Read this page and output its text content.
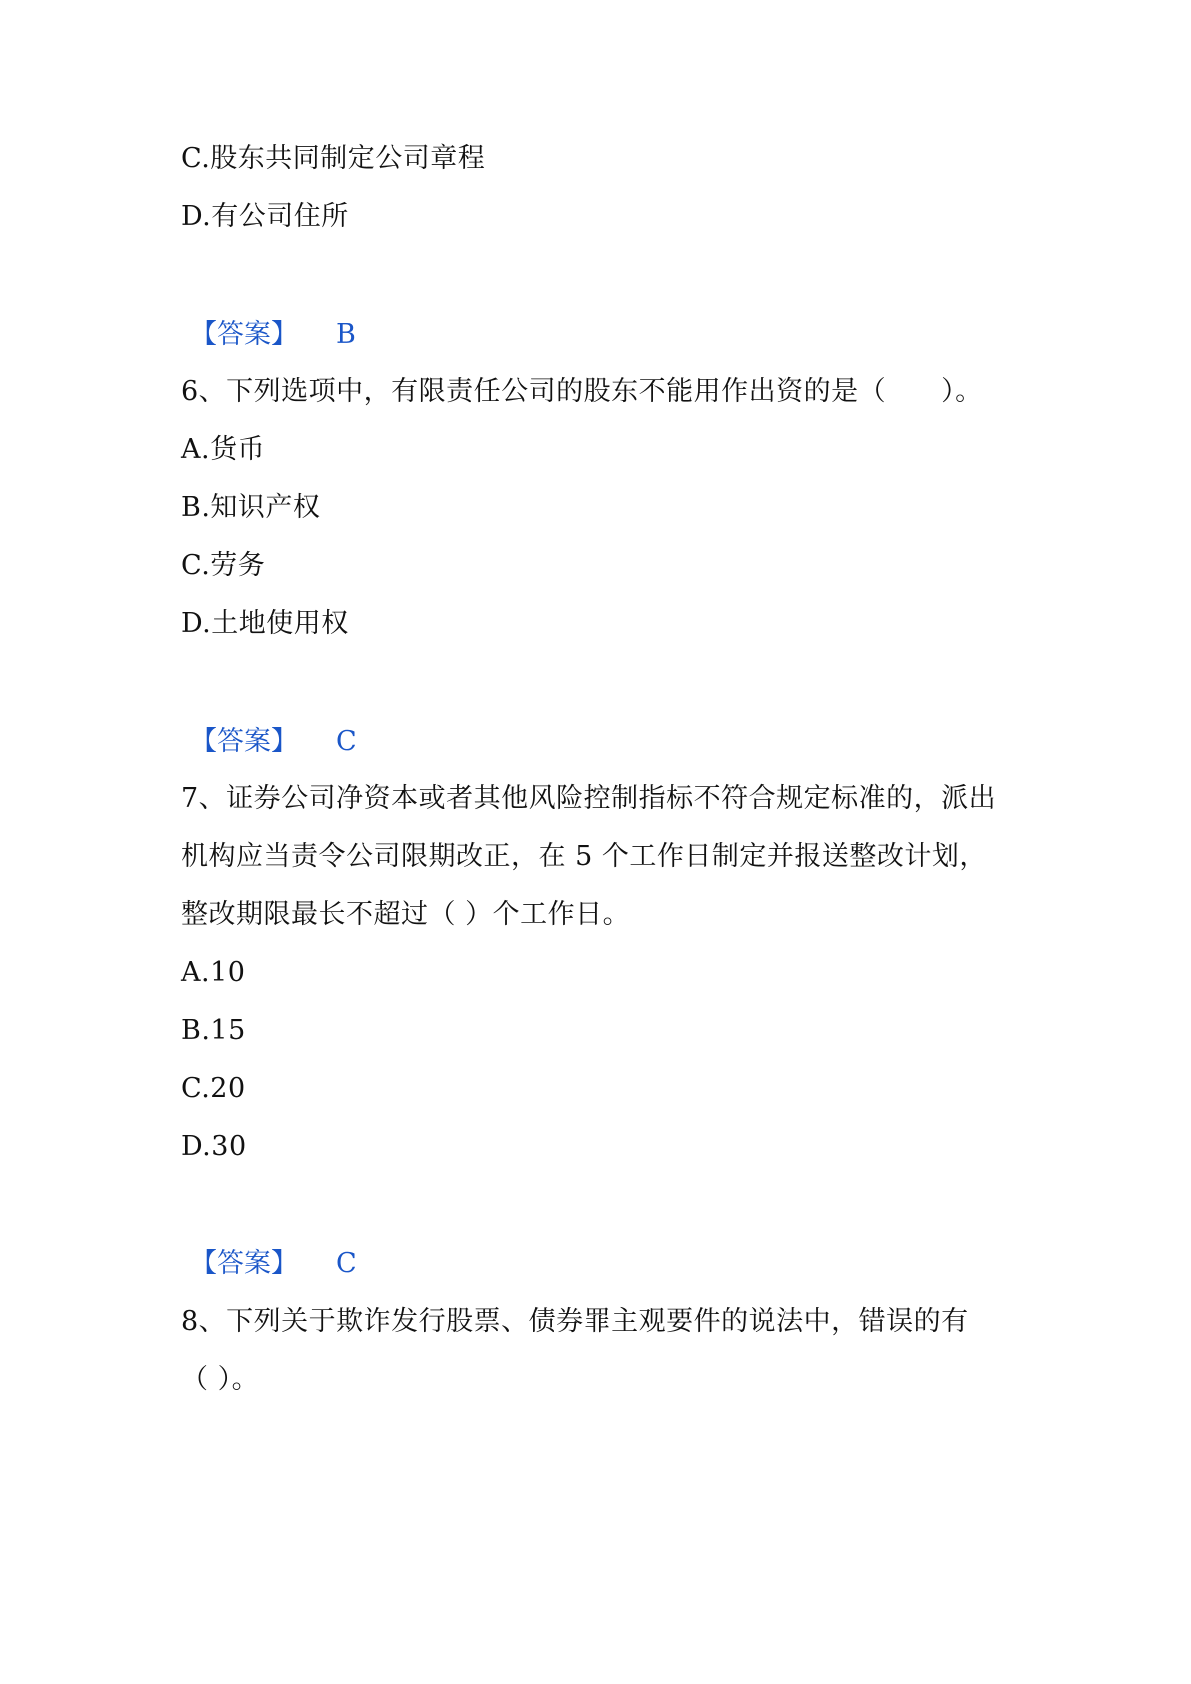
C.股东共同制定公司章程
D.有公司住所
【答案】 B
6、下列选项中，有限责任公司的股东不能用作出资的是（　　）。
A.货币
B.知识产权
C.劳务
D.土地使用权
【答案】 C
7、证券公司净资本或者其他风险控制指标不符合规定标准的，派出
机构应当责令公司限期改正，在 5 个工作日制定并报送整改计划，
整改期限最长不超过（ ）个工作日。
A.10
B.15
C.20
D.30
【答案】 C
8、下列关于欺诈发行股票、债券罪主观要件的说法中，错误的有
（ ）。
